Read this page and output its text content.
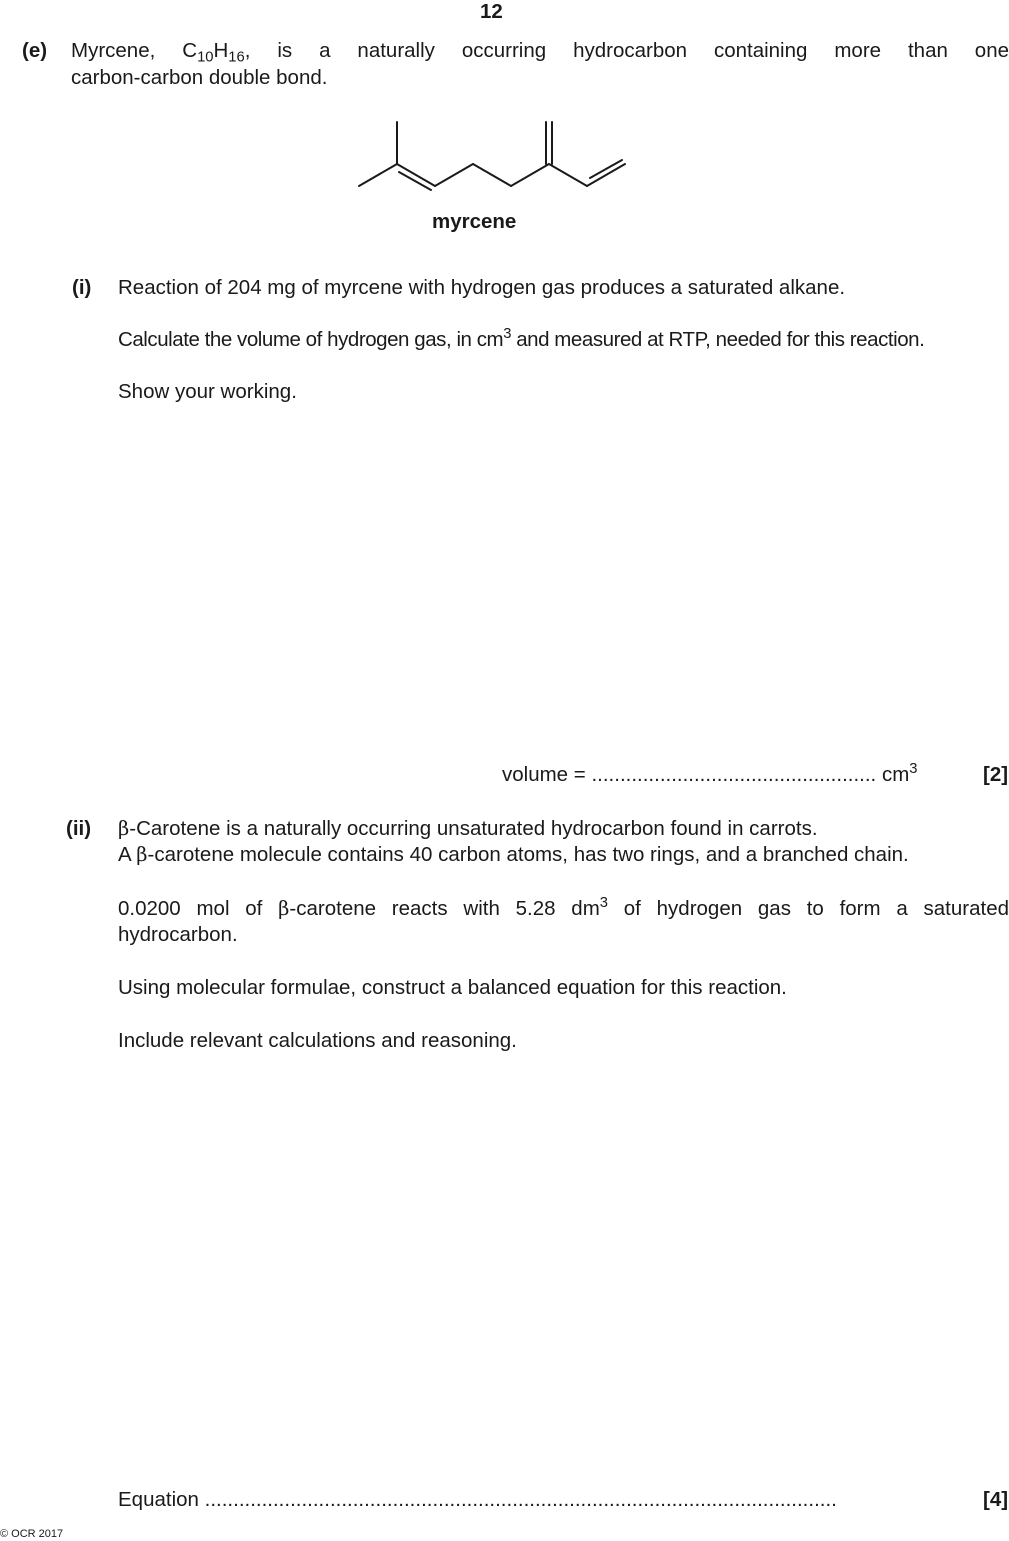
12
(e) Myrcene, $C_{10}H_{16}$, is a naturally occurring hydrocarbon containing more than one
carbon-carbon double bond.
myrcene
(i) Reaction of 204 mg of myrcene with hydrogen gas produces a saturated alkane.
Calculate the volume of hydrogen gas, in $cm^3$ and measured at RTP, needed for this reaction.
Show your working.
volume = .................................................. $cm^3$	[2]
(ii) β-Carotene is a naturally occurring unsaturated hydrocarbon found in carrots.
A β-carotene molecule contains 40 carbon atoms, has two rings, and a branched chain.
0.0200 mol of β-carotene reacts with 5.28 $dm^3$ of hydrogen gas to form a saturated
hydrocarbon.
Using molecular formulae, construct a balanced equation for this reaction.
Include relevant calculations and reasoning.
Equation ...............................................................................................................	[4]
© OCR 2017
